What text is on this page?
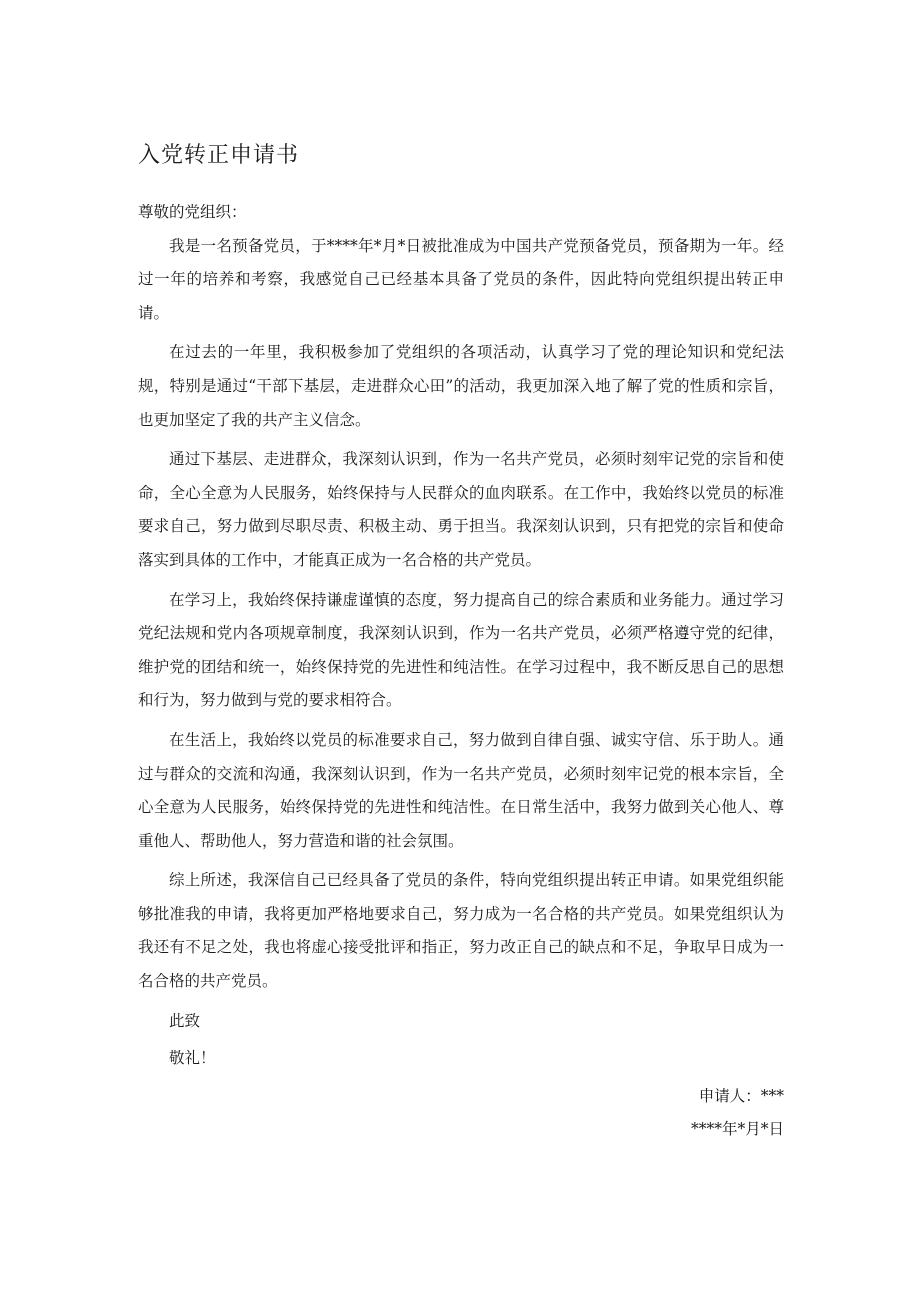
入党转正申请书

尊敬的党组织：

我是一名预备党员，于****年*月*日被批准成为中国共产党预备党员，预备期为一年。经过一年的培养和考察，我感觉自己已经基本具备了党员的条件，因此特向党组织提出转正申请。

在过去的一年里，我积极参加了党组织的各项活动，认真学习了党的理论知识和党纪法规，特别是通过“干部下基层，走进群众心田”的活动，我更加深入地了解了党的性质和宗旨，也更加坚定了我的共产主义信念。

通过下基层、走进群众，我深刻认识到，作为一名共产党员，必须时刻牢记党的宗旨和使命，全心全意为人民服务，始终保持与人民群众的血肉联系。在工作中，我始终以党员的标准要求自己，努力做到尽职尽责、积极主动、勇于担当。我深刻认识到，只有把党的宗旨和使命落实到具体的工作中，才能真正成为一名合格的共产党员。

在学习上，我始终保持谦虚谨慎的态度，努力提高自己的综合素质和业务能力。通过学习党纪法规和党内各项规章制度，我深刻认识到，作为一名共产党员，必须严格遵守党的纪律，维护党的团结和统一，始终保持党的先进性和纯洁性。在学习过程中，我不断反思自己的思想和行为，努力做到与党的要求相符合。

在生活上，我始终以党员的标准要求自己，努力做到自律自强、诚实守信、乐于助人。通过与群众的交流和沟通，我深刻认识到，作为一名共产党员，必须时刻牢记党的根本宗旨，全心全意为人民服务，始终保持党的先进性和纯洁性。在日常生活中，我努力做到关心他人、尊重他人、帮助他人，努力营造和谐的社会氛围。

综上所述，我深信自己已经具备了党员的条件，特向党组织提出转正申请。如果党组织能够批准我的申请，我将更加严格地要求自己，努力成为一名合格的共产党员。如果党组织认为我还有不足之处，我也将虚心接受批评和指正，努力改正自己的缺点和不足，争取早日成为一名合格的共产党员。

此致

敬礼！

申请人：***

****年*月*日
